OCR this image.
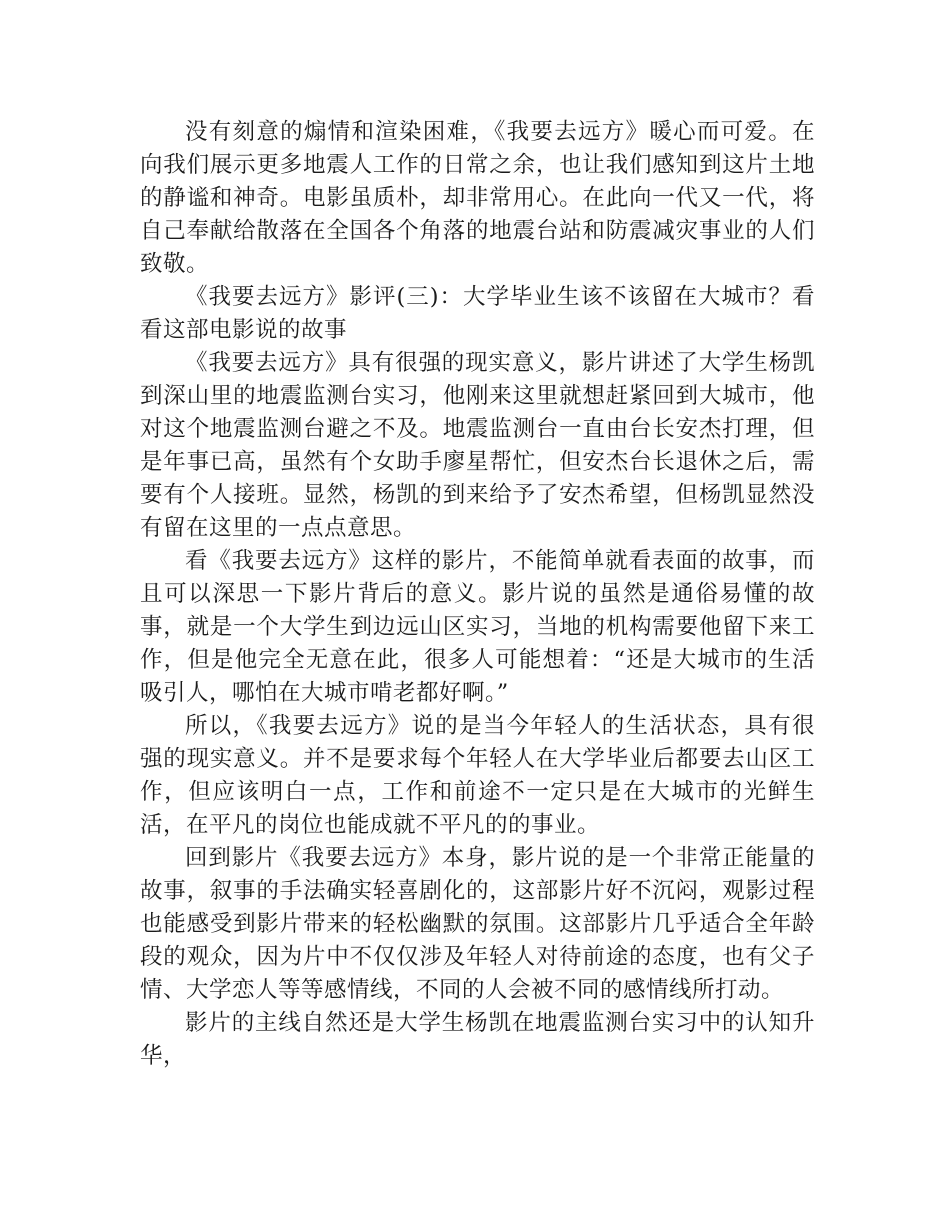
没有刻意的煽情和渲染困难，《我要去远方》暖心而可爱。在向我们展示更多地震人工作的日常之余，也让我们感知到这片土地的静谧和神奇。电影虽质朴，却非常用心。在此向一代又一代，将自己奉献给散落在全国各个角落的地震台站和防震减灾事业的人们致敬。

《我要去远方》影评(三)：大学毕业生该不该留在大城市？看看这部电影说的故事

《我要去远方》具有很强的现实意义，影片讲述了大学生杨凯到深山里的地震监测台实习，他刚来这里就想赶紧回到大城市，他对这个地震监测台避之不及。地震监测台一直由台长安杰打理，但是年事已高，虽然有个女助手廖星帮忙，但安杰台长退休之后，需要有个人接班。显然，杨凯的到来给予了安杰希望，但杨凯显然没有留在这里的一点点意思。

看《我要去远方》这样的影片，不能简单就看表面的故事，而且可以深思一下影片背后的意义。影片说的虽然是通俗易懂的故事，就是一个大学生到边远山区实习，当地的机构需要他留下来工作，但是他完全无意在此，很多人可能想着：“还是大城市的生活吸引人，哪怕在大城市啃老都好啊。”

所以，《我要去远方》说的是当今年轻人的生活状态，具有很强的现实意义。并不是要求每个年轻人在大学毕业后都要去山区工作，但应该明白一点，工作和前途不一定只是在大城市的光鲜生活，在平凡的岗位也能成就不平凡的的事业。

回到影片《我要去远方》本身，影片说的是一个非常正能量的故事，叙事的手法确实轻喜剧化的，这部影片好不沉闷，观影过程也能感受到影片带来的轻松幽默的氛围。这部影片几乎适合全年龄段的观众，因为片中不仅仅涉及年轻人对待前途的态度，也有父子情、大学恋人等等感情线，不同的人会被不同的感情线所打动。

影片的主线自然还是大学生杨凯在地震监测台实习中的认知升华，
